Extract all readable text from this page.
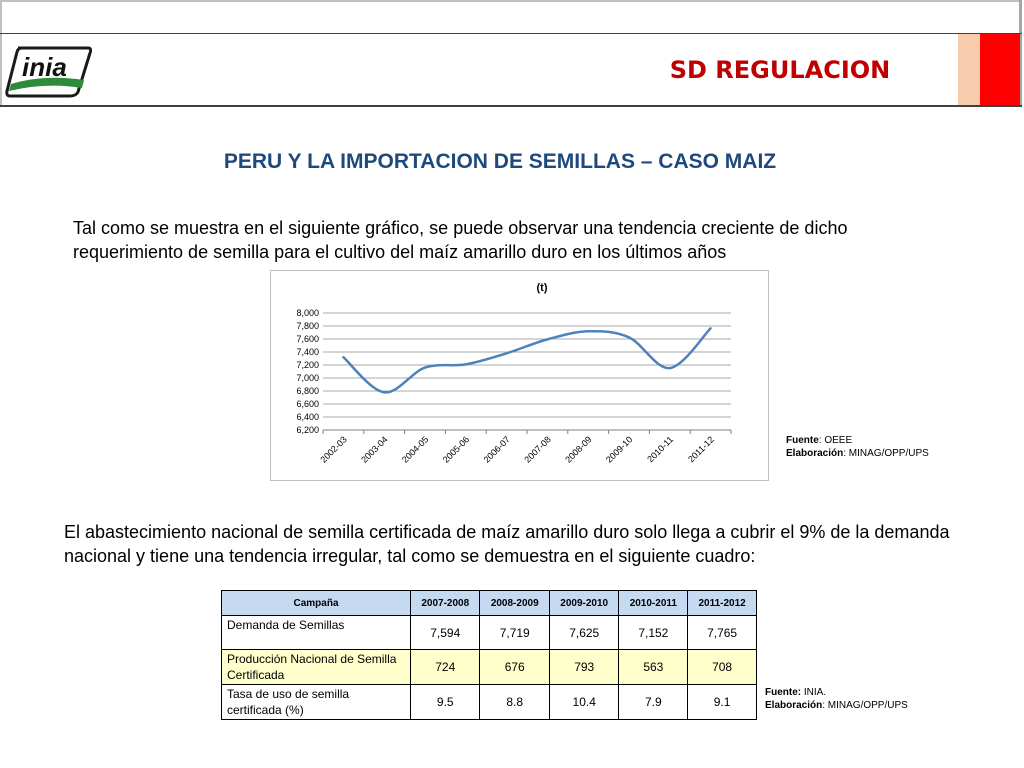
inia	SD REGULACION
PERU Y LA IMPORTACION DE SEMILLAS – CASO MAIZ
Tal como se muestra en el siguiente gráfico, se puede observar una tendencia creciente de dicho requerimiento de semilla para el cultivo del maíz amarillo duro en los últimos años
(t)
6,200
6,400
6,600
6,800
7,000
7,200
7,400
7,600
7,800
8,000
2002-03 2003-04 2004-05 2005-06 2006-07 2007-08 2008-09 2009-10 2010-11 2011-12	Fuente: OEEE
Elaboración: MINAG/OPP/UPS
El abastecimiento nacional de semilla certificada de maíz amarillo duro solo llega a cubrir el 9% de la demanda nacional y tiene una tendencia irregular, tal como se demuestra en el siguiente cuadro:
Campaña	2007-2008	2008-2009	2009-2010	2010-2011	2011-2012
Demanda de Semillas	7,594	7,719	7,625	7,152	7,765
Producción Nacional de Semilla Certificada	724	676	793	563	708
Tasa de uso de semilla certificada (%)	9.5	8.8	10.4	7.9	9.1
Fuente: INIA.
Elaboración: MINAG/OPP/UPS
